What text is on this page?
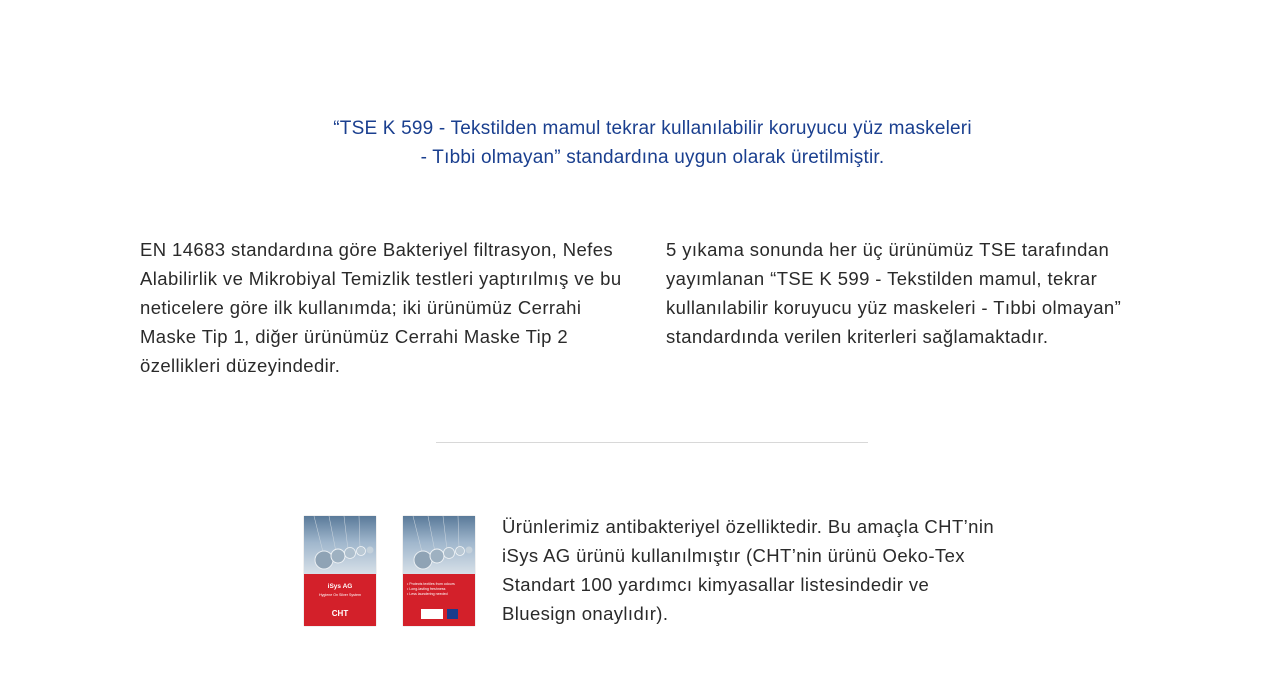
“TSE K 599 - Tekstilden mamul tekrar kullanılabilir koruyucu yüz maskeleri
- Tıbbi olmayan” standardına uygun olarak üretilmiştir.

EN 14683 standardına göre Bakteriyel filtrasyon, Nefes Alabilirlik ve Mikrobiyal Temizlik testleri yaptırılmış ve bu neticelere göre ilk kullanımda; iki ürünümüz Cerrahi Maske Tip 1, diğer ürünümüz Cerrahi Maske Tip 2 özellikleri düzeyindedir.

5 yıkama sonunda her üç ürünümüz TSE tarafından yayımlanan “TSE K 599 - Tekstilden mamul, tekrar kullanılabilir koruyucu yüz maskeleri - Tıbbi olmayan” standardında verilen kriterleri sağlamaktadır.

iSys AG
Hygiene On Silver System
CHT
• Protects textiles from odours
• Long-lasting freshness
• Less laundering needed

Ürünlerimiz antibakteriyel özelliktedir. Bu amaçla CHT’nin iSys AG ürünü kullanılmıştır (CHT’nin ürünü Oeko-Tex Standart 100 yardımcı kimyasallar listesindedir ve Bluesign onaylıdır).
